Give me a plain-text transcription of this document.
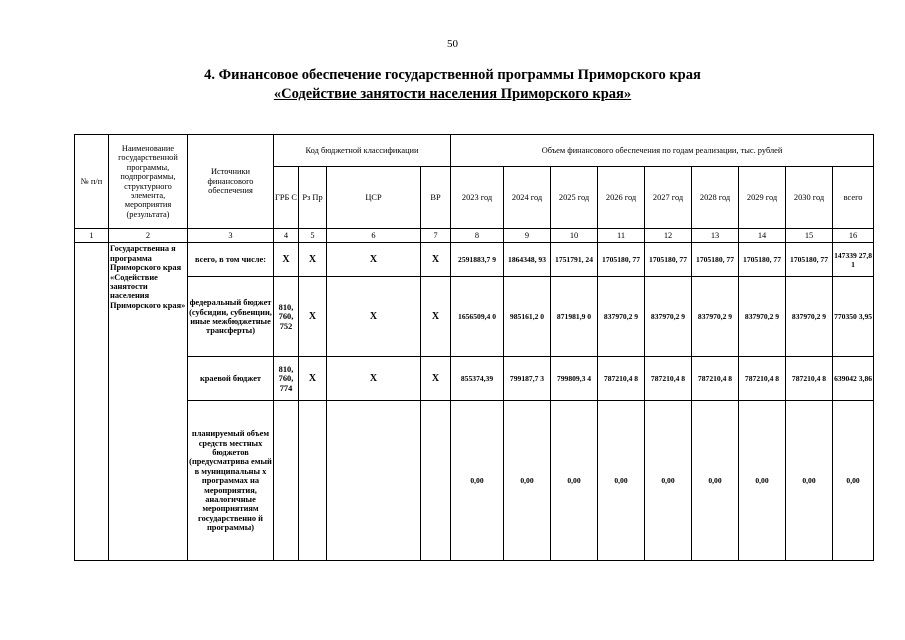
50
4. Финансовое обеспечение государственной программы Приморского края
«Содействие занятости населения Приморского края»
№ п/п	Наименование государственной программы, подпрограммы, структурного элемента, мероприятия (результата)	Источники финансового обеспечения	Код бюджетной классификации				Объем финансового обеспечения по годам реализации, тыс. рублей								
			ГРБ С	Рз Пр	ЦСР	ВР	2023 год	2024 год	2025 год	2026 год	2027 год	2028 год	2029 год	2030 год	всего
1	2	3	4	5	6	7	8	9	10	11	12	13	14	15	16
	Государственна я программа Приморского края «Содействие занятости населения Приморского края»	всего, в том числе:	X	X	X	X	2591883,7 9	1864348, 93	1751791, 24	1705180, 77	1705180, 77	1705180, 77	1705180, 77	1705180, 77	147339 27,81
		федеральный бюджет (субсидии, субвенции, иные межбюджетные трансферты)	810, 760, 752	X	X	X	1656509,4 0	985161,2 0	871981,9 0	837970,2 9	837970,2 9	837970,2 9	837970,2 9	837970,2 9	770350 3,95
		краевой бюджет	810, 760, 774	X	X	X	855374,39	799187,7 3	799809,3 4	787210,4 8	787210,4 8	787210,4 8	787210,4 8	787210,4 8	639042 3,86
		планируемый объем средств местных бюджетов (предусматрива емый в муниципальны х программах на мероприятия, аналогичные мероприятиям государственно й программы)					0,00	0,00	0,00	0,00	0,00	0,00	0,00	0,00	0,00
